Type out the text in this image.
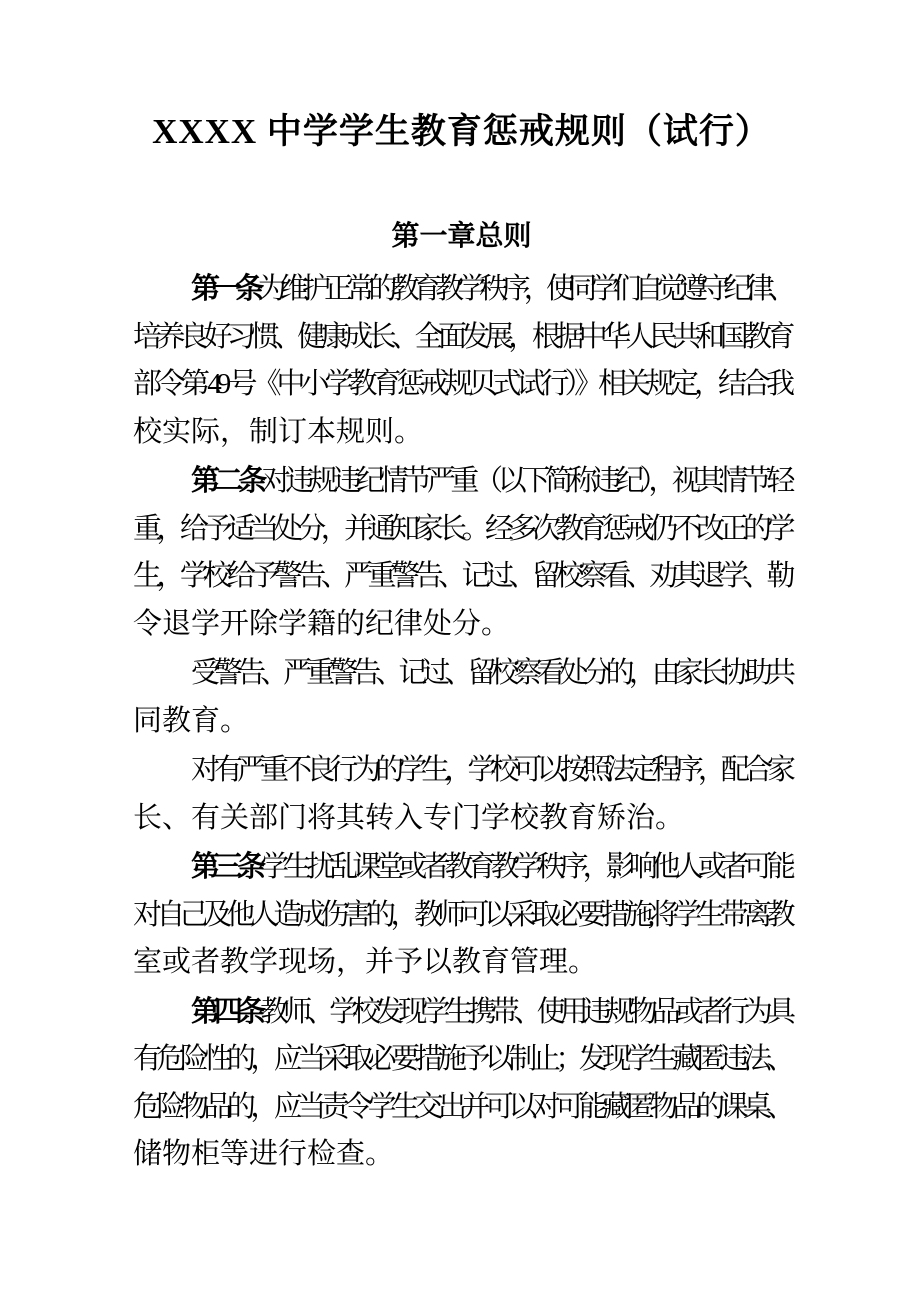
XXXX 中学学生教育惩戒规则（试行）
第一章总则
第一条为维护正常的教育教学秩序，使同学们自觉遵守纪律、
培养良好习惯、健康成长、全面发展，根据中华人民共和国教育
部令第 49 号《中小学教育惩戒规贝式试行）》相关规定，结合我
校实际，制订本规则。
第二条对违规违纪情节严重（以下简称违纪），视其情节轻
重，给予适当处分，并通知家长。经多次教育惩戒仍不改正的学
生，学校给予警告、严重警告、记过、留校察看、劝其退学、勒
令退学开除学籍的纪律处分。
受警告、严重警告、记过、留校察看处分的，由家长协助共
同教育。
对有严重不良行为的学生，学校可以按照法定程序，配合家
长、有关部门将其转入专门学校教育矫治。
第三条学生扰乱课堂或者教育教学秩序，影响他人或者可能
对自己及他人造成伤害的，教师可以采取必要措施,将学生带离教
室或者教学现场，并予以教育管理。
第四条教师、学校发现学生携带、使用违规物品或者行为具
有危险性的，应当采取必要措施予以制止；发现学生藏匿违法、
危险物品的，应当责令学生交出并可以对可能藏匿物品的课桌、
储物柜等进行检查。
